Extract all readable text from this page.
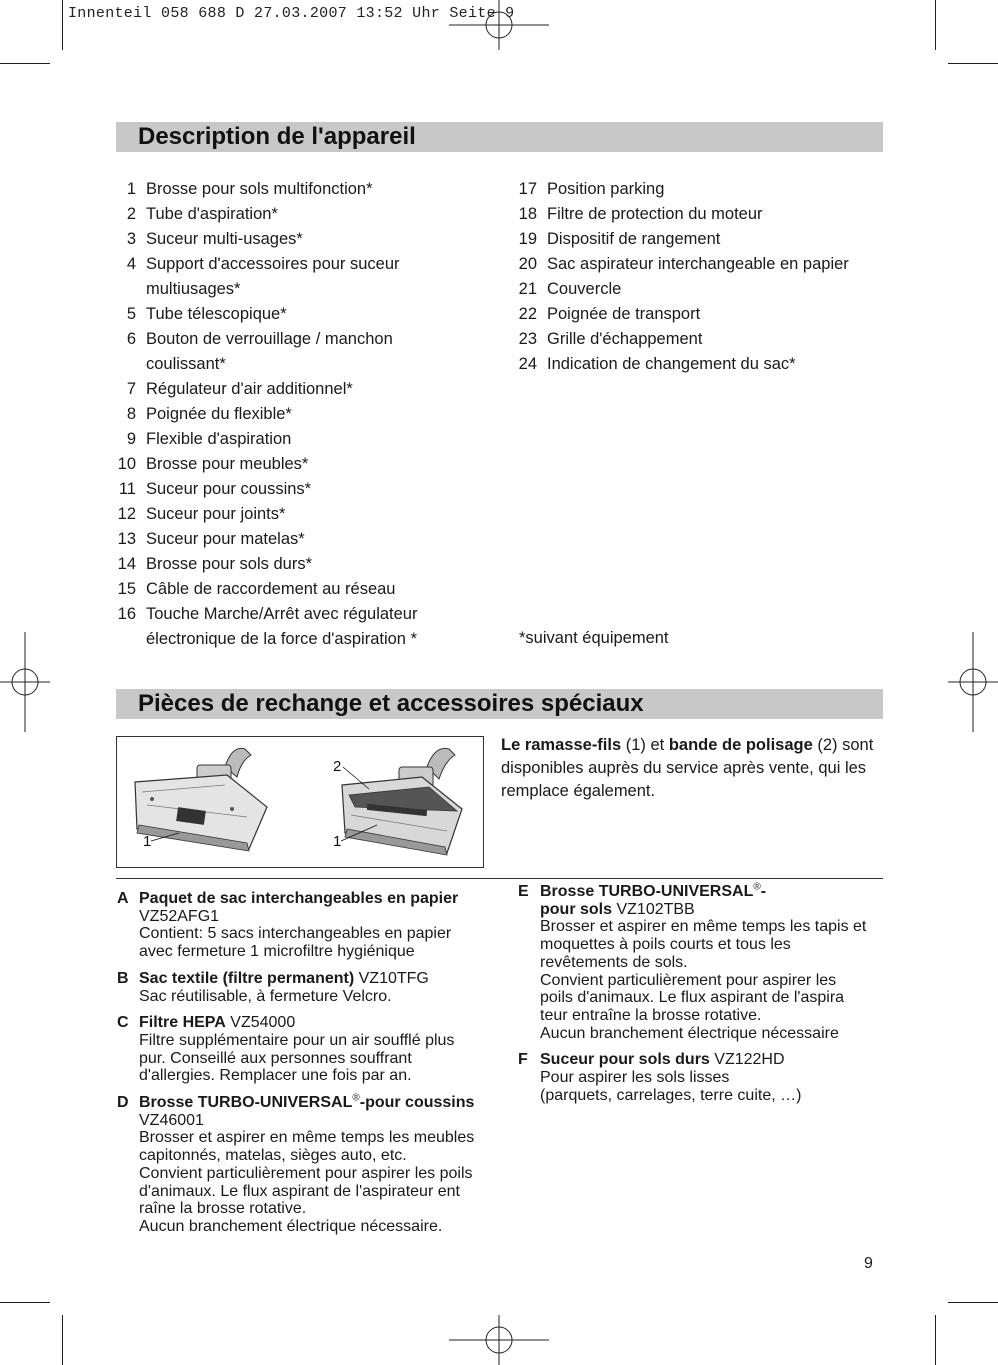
Innenteil 058 688 D 27.03.2007 13:52 Uhr Seite 9
Description de l'appareil
1 Brosse pour sols multifonction*
2 Tube d'aspiration*
3 Suceur multi-usages*
4 Support d'accessoires pour suceur
multiusages*
5 Tube télescopique*
6 Bouton de verrouillage / manchon
coulissant*
7 Régulateur d'air additionnel*
8 Poignée du flexible*
9 Flexible d'aspiration
10 Brosse pour meubles*
11 Suceur pour coussins*
12 Suceur pour joints*
13 Suceur pour matelas*
14 Brosse pour sols durs*
15 Câble de raccordement au réseau
16 Touche Marche/Arrêt avec régulateur
électronique de la force d'aspiration *
17 Position parking
18 Filtre de protection du moteur
19 Dispositif de rangement
20 Sac aspirateur interchangeable en papier
21 Couvercle
22 Poignée de transport
23 Grille d'échappement
24 Indication de changement du sac*
*suivant équipement
Pièces de rechange et accessoires spéciaux
1
2
1
Le ramasse-fils (1) et bande de polisage (2) sont disponibles auprès du service après vente, qui les remplace également.
A Paquet de sac interchangeables en papier

VZ52AFG1

Contient: 5 sacs interchangeables en papier

avec fermeture 1 microfiltre hygiénique

B Sac textile (filtre permanent) VZ10TFG

Sac réutilisable, à fermeture Velcro.

C Filtre HEPA VZ54000

Filtre supplémentaire pour un air soufflé plus

pur. Conseillé aux personnes souffrant

d'allergies. Remplacer une fois par an.

D Brosse TURBO-UNIVERSAL®-pour coussins

VZ46001

Brosser et aspirer en même temps les meubles

capitonnés, matelas, sièges auto, etc.

Convient particulièrement pour aspirer les poils

d'animaux. Le flux aspirant de l'aspirateur ent

raîne la brosse rotative.

Aucun branchement électrique nécessaire.

E Brosse TURBO-UNIVERSAL®-

pour sols VZ102TBB

Brosser et aspirer en même temps les tapis et

moquettes à poils courts et tous les

revêtements de sols.

Convient particulièrement pour aspirer les

poils d'animaux. Le flux aspirant de l'aspira

teur entraîne la brosse rotative.

Aucun branchement électrique nécessaire

F Suceur pour sols durs VZ122HD

Pour aspirer les sols lisses

(parquets, carrelages, terre cuite, …)

9
